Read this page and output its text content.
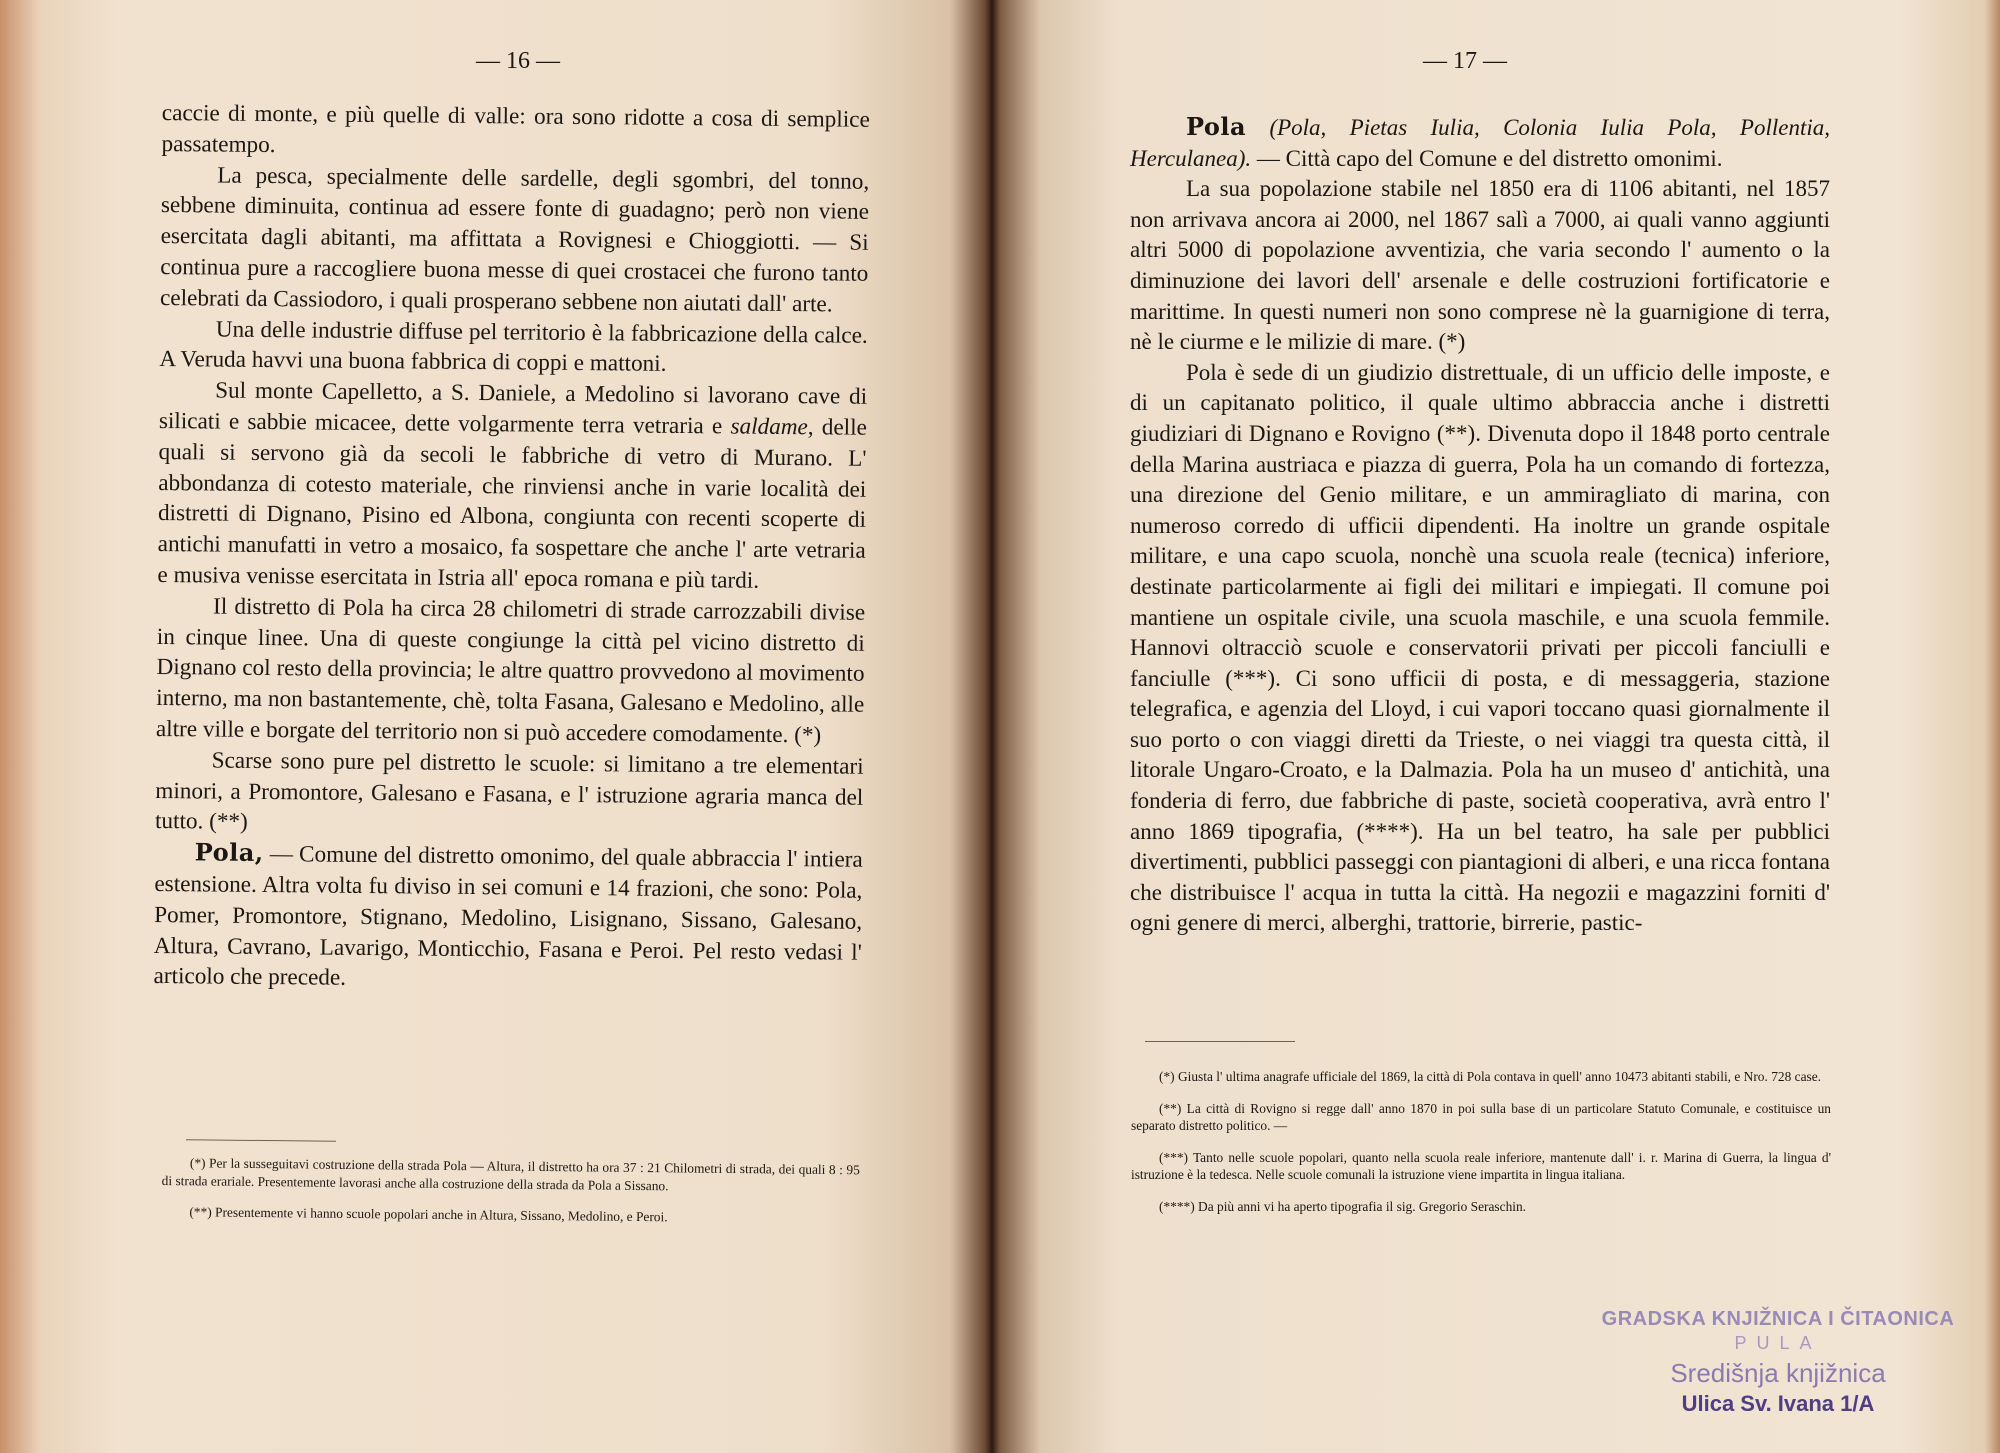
— 16 —

caccie di monte, e più quelle di valle: ora sono ridotte a cosa di semplice passatempo.

La pesca, specialmente delle sardelle, degli sgombri, del tonno, sebbene diminuita, continua ad essere fonte di guadagno; però non viene esercitata dagli abitanti, ma affittata a Rovignesi e Chioggiotti. — Si continua pure a raccogliere buona messe di quei crostacei che furono tanto celebrati da Cassiodoro, i quali prosperano sebbene non aiutati dall' arte.

Una delle industrie diffuse pel territorio è la fabbricazione della calce. A Veruda havvi una buona fabbrica di coppi e mattoni.

Sul monte Capelletto, a S. Daniele, a Medolino si lavorano cave di silicati e sabbie micacee, dette volgarmente terra vetraria e saldame, delle quali si servono già da secoli le fabbriche di vetro di Murano. L' abbondanza di cotesto materiale, che rinviensi anche in varie località dei distretti di Dignano, Pisino ed Albona, congiunta con recenti scoperte di antichi manufatti in vetro a mosaico, fa sospettare che anche l' arte vetraria e musiva venisse esercitata in Istria all' epoca romana e più tardi.

Il distretto di Pola ha circa 28 chilometri di strade carrozzabili divise in cinque linee. Una di queste congiunge la città pel vicino distretto di Dignano col resto della provincia; le altre quattro provvedono al movimento interno, ma non bastantemente, chè, tolta Fasana, Galesano e Medolino, alle altre ville e borgate del territorio non si può accedere comodamente. (*)

Scarse sono pure pel distretto le scuole: si limitano a tre elementari minori, a Promontore, Galesano e Fasana, e l' istruzione agraria manca del tutto. (**)

Pola, — Comune del distretto omonimo, del quale abbraccia l' intiera estensione. Altra volta fu diviso in sei comuni e 14 frazioni, che sono: Pola, Pomer, Promontore, Stignano, Medolino, Lisignano, Sissano, Galesano, Altura, Cavrano, Lavarigo, Monticchio, Fasana e Peroi. Pel resto vedasi l' articolo che precede.

(*) Per la susseguitavi costruzione della strada Pola — Altura, il distretto ha ora 37 : 21 Chilometri di strada, dei quali 8 : 95 di strada erariale. Presentemente lavorasi anche alla costruzione della strada da Pola a Sissano.

(**) Presentemente vi hanno scuole popolari anche in Altura, Sissano, Medolino, e Peroi.

— 17 —

Pola (Pola, Pietas Iulia, Colonia Iulia Pola, Pollentia, Herculanea). — Città capo del Comune e del distretto omonimi.

La sua popolazione stabile nel 1850 era di 1106 abitanti, nel 1857 non arrivava ancora ai 2000, nel 1867 salì a 7000, ai quali vanno aggiunti altri 5000 di popolazione avventizia, che varia secondo l' aumento o la diminuzione dei lavori dell' arsenale e delle costruzioni fortificatorie e marittime. In questi numeri non sono comprese nè la guarnigione di terra, nè le ciurme e le milizie di mare. (*)

Pola è sede di un giudizio distrettuale, di un ufficio delle imposte, e di un capitanato politico, il quale ultimo abbraccia anche i distretti giudiziari di Dignano e Rovigno (**). Divenuta dopo il 1848 porto centrale della Marina austriaca e piazza di guerra, Pola ha un comando di fortezza, una direzione del Genio militare, e un ammiragliato di marina, con numeroso corredo di ufficii dipendenti. Ha inoltre un grande ospitale militare, e una capo scuola, nonchè una scuola reale (tecnica) inferiore, destinate particolarmente ai figli dei militari e impiegati. Il comune poi mantiene un ospitale civile, una scuola maschile, e una scuola femmile. Hannovi oltracciò scuole e conservatorii privati per piccoli fanciulli e fanciulle (***). Ci sono ufficii di posta, e di messaggeria, stazione telegrafica, e agenzia del Lloyd, i cui vapori toccano quasi giornalmente il suo porto o con viaggi diretti da Trieste, o nei viaggi tra questa città, il litorale Ungaro-Croato, e la Dalmazia. Pola ha un museo d' antichità, una fonderia di ferro, due fabbriche di paste, società cooperativa, avrà entro l' anno 1869 tipografia, (****). Ha un bel teatro, ha sale per pubblici divertimenti, pubblici passeggi con piantagioni di alberi, e una ricca fontana che distribuisce l' acqua in tutta la città. Ha negozii e magazzini forniti d' ogni genere di merci, alberghi, trattorie, birrerie, pastic-

(*) Giusta l' ultima anagrafe ufficiale del 1869, la città di Pola contava in quell' anno 10473 abitanti stabili, e Nro. 728 case.

(**) La città di Rovigno si regge dall' anno 1870 in poi sulla base di un particolare Statuto Comunale, e costituisce un separato distretto politico. —

(***) Tanto nelle scuole popolari, quanto nella scuola reale inferiore, mantenute dall' i. r. Marina di Guerra, la lingua d' istruzione è la tedesca. Nelle scuole comunali la istruzione viene impartita in lingua italiana.

(****) Da più anni vi ha aperto tipografia il sig. Gregorio Seraschin.

GRADSKA KNJIŽNICA I ČITAONICA
PULA
Središnja knjižnica
Ulica Sv. Ivana 1/A
